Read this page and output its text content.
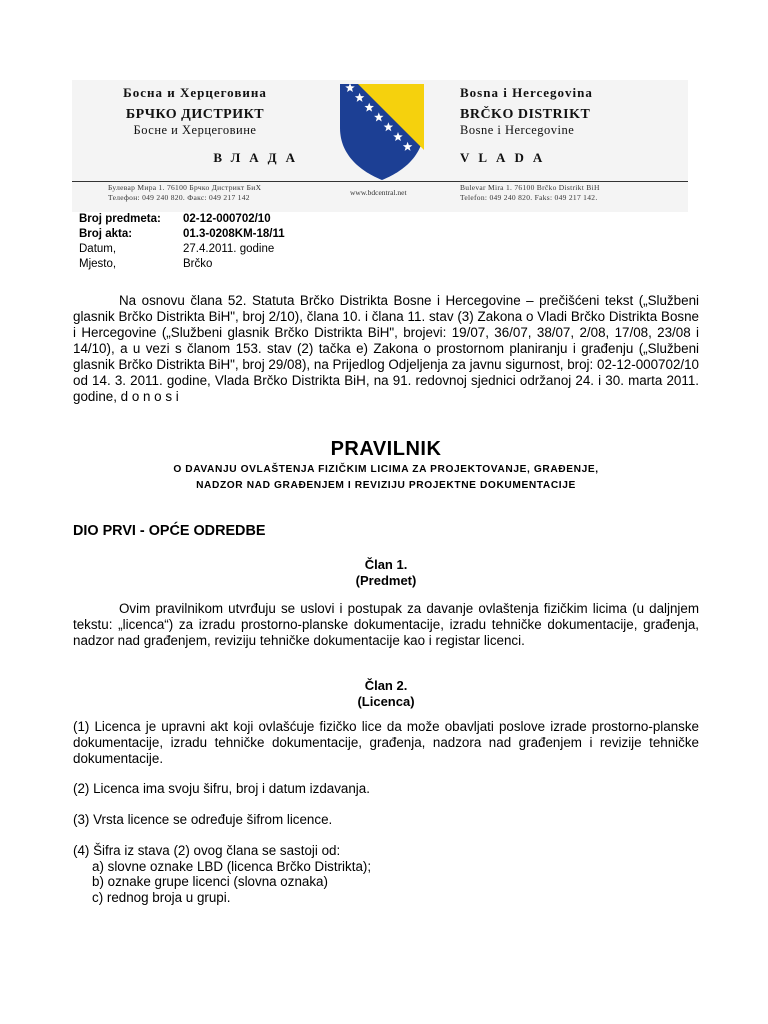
Босна и Херцеговина
БРЧКО ДИСТРИКТ
Босне и Херцеговине
ВЛАДА
Bosna i Hercegovina
BRČKO DISTRIKT
Bosne i Hercegovine
VLADA
Булевар Мира 1. 76100 Брчко Дистрикт БиХ
Телефон: 049 240 820. Факс: 049 217 142
www.bdcentral.net
Bulevar Mira 1. 76100 Brčko Distrikt BiH
Telefon: 049 240 820. Faks: 049 217 142.
Broj predmeta:	02-12-000702/10
Broj akta:	01.3-0208KM-18/11
Datum,	27.4.2011. godine
Mjesto,	Brčko
Na osnovu člana 52. Statuta Brčko Distrikta Bosne i Hercegovine – prečišćeni tekst („Službeni glasnik Brčko Distrikta BiH", broj 2/10), člana 10. i člana 11. stav (3) Zakona o Vladi Brčko Distrikta Bosne i Hercegovine („Službeni glasnik Brčko Distrikta BiH", brojevi: 19/07, 36/07, 38/07, 2/08, 17/08, 23/08 i 14/10), a u vezi s članom 153. stav (2) tačka e) Zakona o prostornom planiranju i građenju („Službeni glasnik Brčko Distrikta BiH", broj 29/08), na Prijedlog Odjeljenja za javnu sigurnost, broj: 02-12-000702/10 od 14. 3. 2011. godine, Vlada Brčko Distrikta BiH, na 91. redovnoj sjednici održanoj 24. i 30. marta 2011. godine, d o n o s i
PRAVILNIK
O DAVANJU OVLAŠTENJA FIZIČKIM LICIMA ZA PROJEKTOVANJE, GRAĐENJE,
NADZOR NAD GRAĐENJEM I REVIZIJU PROJEKTNE DOKUMENTACIJE
DIO PRVI - OPĆE ODREDBE
Član 1.
(Predmet)
Ovim pravilnikom utvrđuju se uslovi i postupak za davanje ovlaštenja fizičkim licima (u daljnjem tekstu: „licenca“) za izradu prostorno-planske dokumentacije, izradu tehničke dokumentacije, građenja, nadzor nad građenjem, reviziju tehničke dokumentacije kao i registar licenci.
Član 2.
(Licenca)
(1) Licenca je upravni akt koji ovlašćuje fizičko lice da može obavljati poslove izrade prostorno-planske dokumentacije, izradu tehničke dokumentacije, građenja, nadzora nad građenjem i revizije tehničke dokumentacije.
(2) Licenca ima svoju šifru, broj i datum izdavanja.
(3) Vrsta licence se određuje šifrom licence.
(4) Šifra iz stava (2) ovog člana se sastoji od:
a) slovne oznake LBD (licenca Brčko Distrikta);
b) oznake grupe licenci (slovna oznaka)
c) rednog broja u grupi.
